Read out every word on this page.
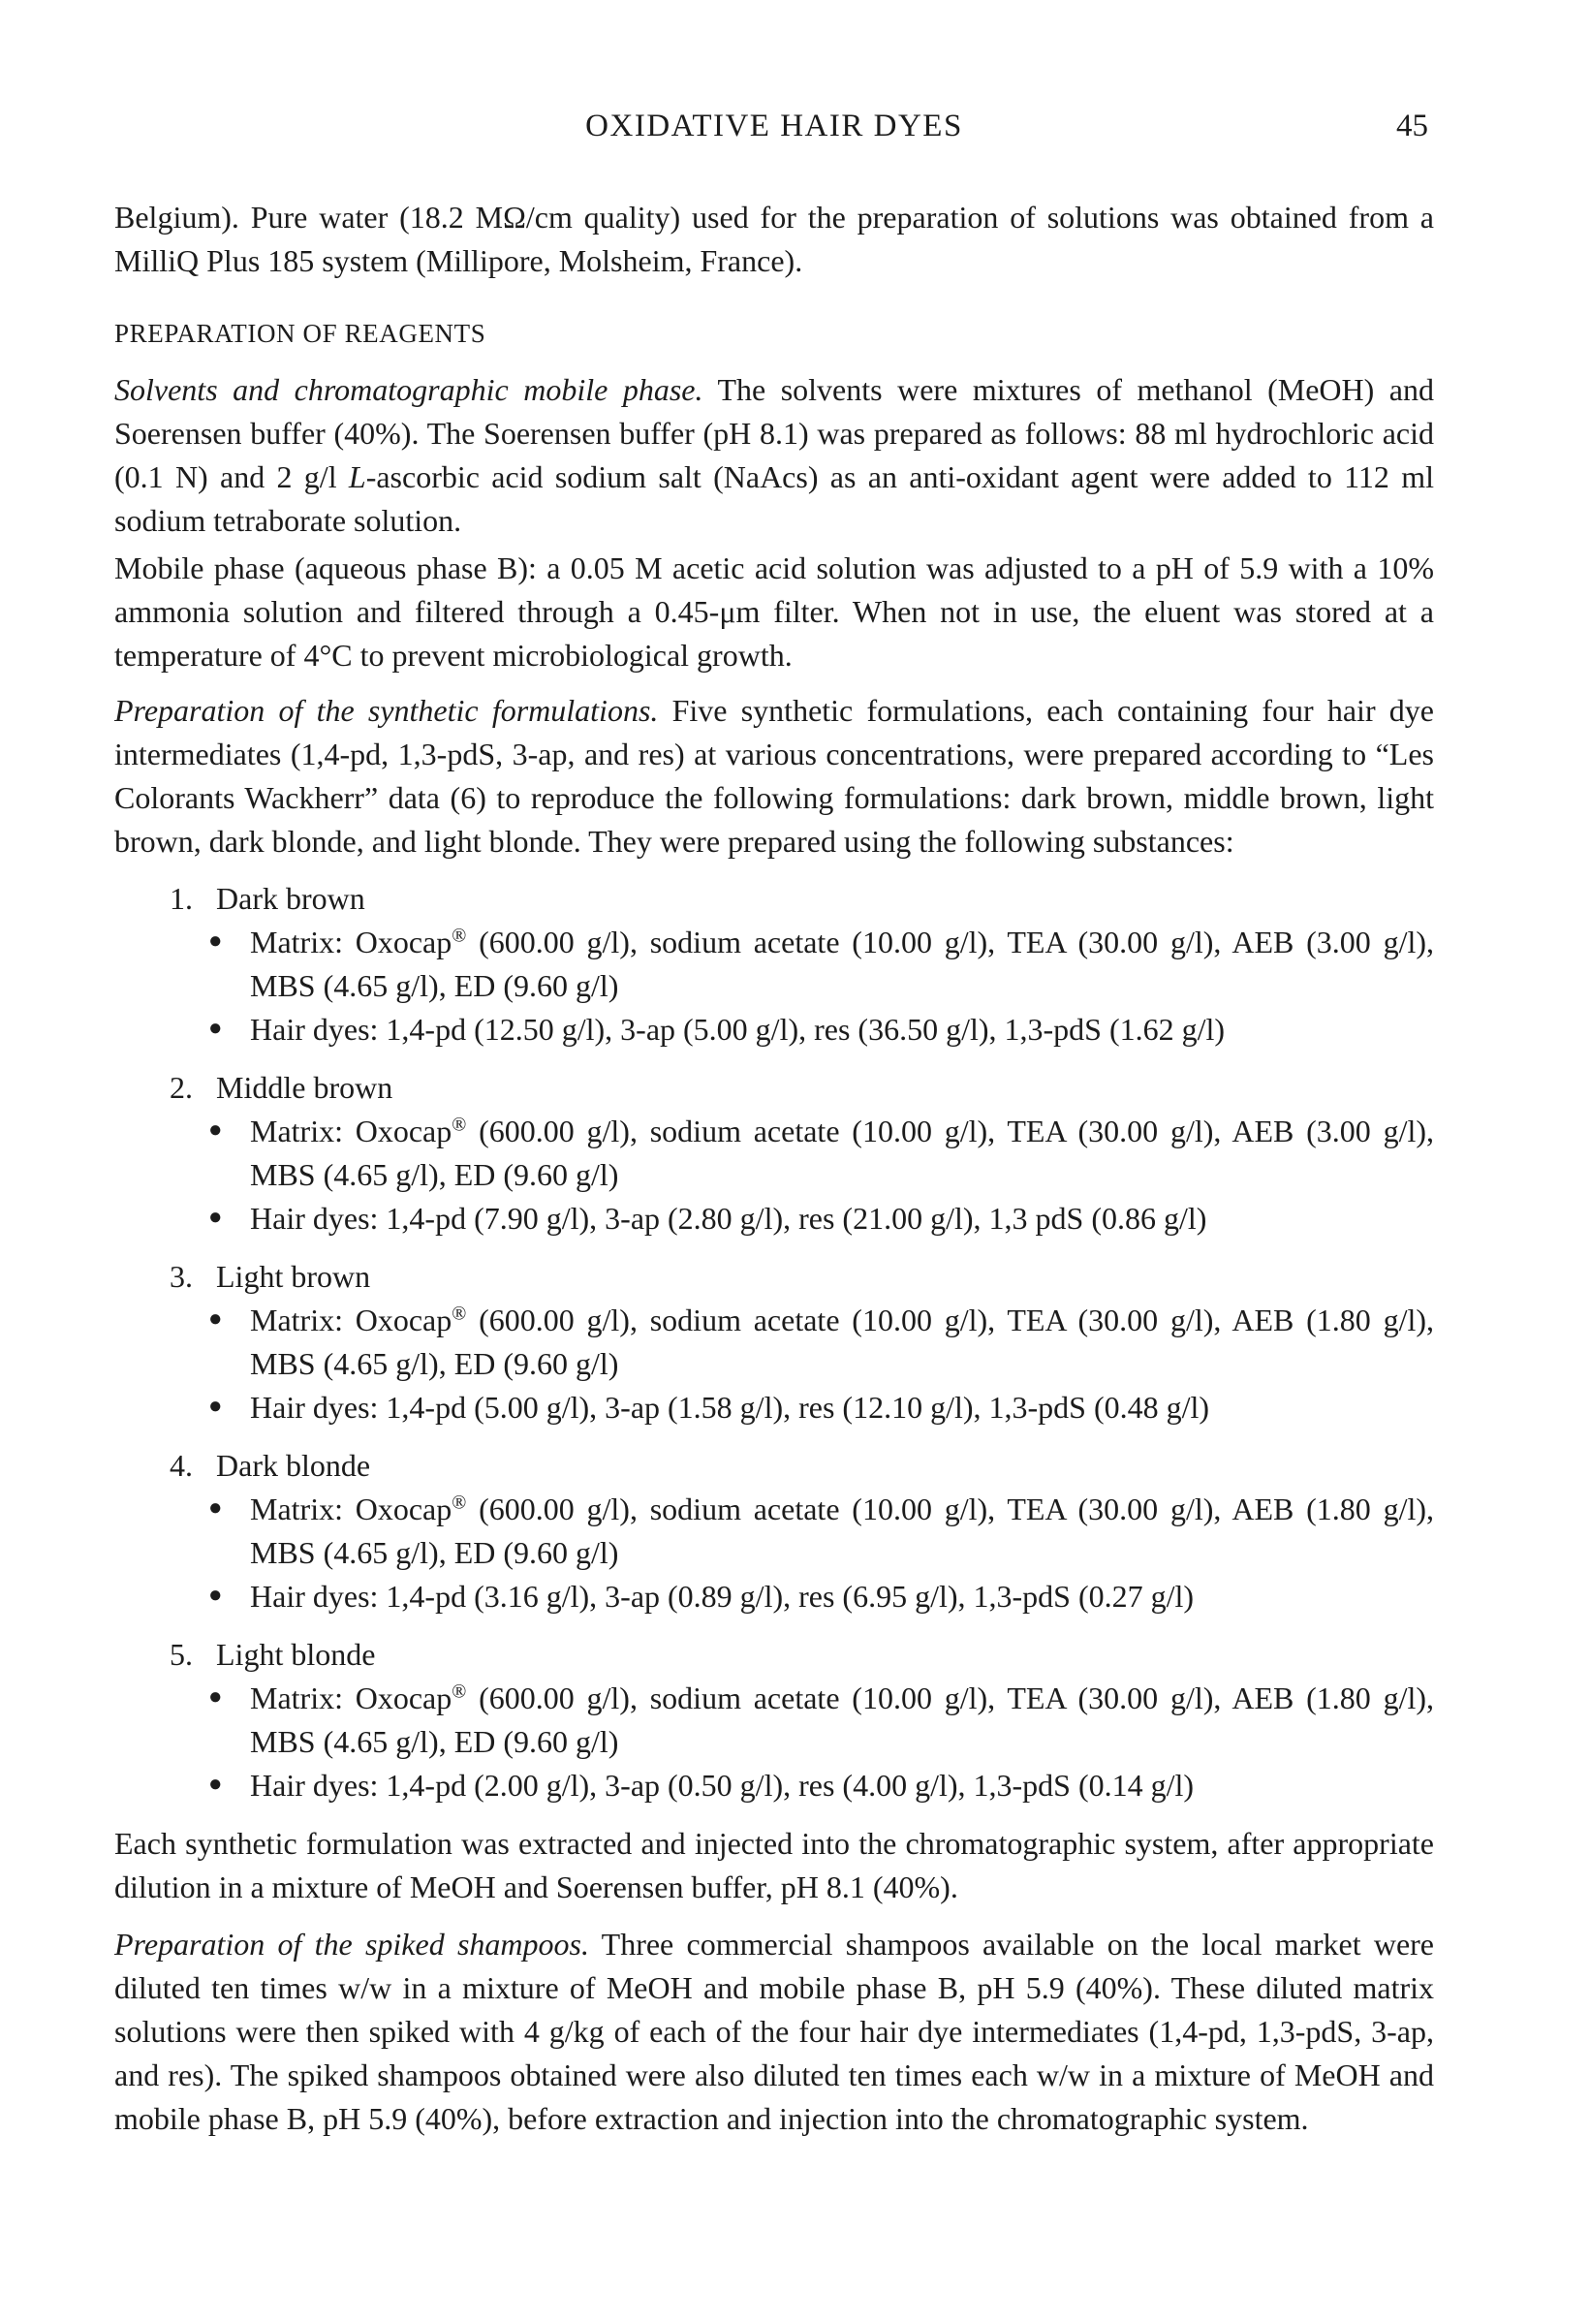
OXIDATIVE HAIR DYES	45

Belgium). Pure water (18.2 MΩ/cm quality) used for the preparation of solutions was obtained from a MilliQ Plus 185 system (Millipore, Molsheim, France).

PREPARATION OF REAGENTS

Solvents and chromatographic mobile phase. The solvents were mixtures of methanol (MeOH) and Soerensen buffer (40%). The Soerensen buffer (pH 8.1) was prepared as follows: 88 ml hydrochloric acid (0.1 N) and 2 g/l L-ascorbic acid sodium salt (NaAcs) as an anti-oxidant agent were added to 112 ml sodium tetraborate solution.

Mobile phase (aqueous phase B): a 0.05 M acetic acid solution was adjusted to a pH of 5.9 with a 10% ammonia solution and filtered through a 0.45-μm filter. When not in use, the eluent was stored at a temperature of 4°C to prevent microbiological growth.

Preparation of the synthetic formulations. Five synthetic formulations, each containing four hair dye intermediates (1,4-pd, 1,3-pdS, 3-ap, and res) at various concentrations, were prepared according to “Les Colorants Wackherr” data (6) to reproduce the following formulations: dark brown, middle brown, light brown, dark blonde, and light blonde. They were prepared using the following substances:

1. Dark brown
● Matrix: Oxocap® (600.00 g/l), sodium acetate (10.00 g/l), TEA (30.00 g/l), AEB (3.00 g/l), MBS (4.65 g/l), ED (9.60 g/l)
● Hair dyes: 1,4-pd (12.50 g/l), 3-ap (5.00 g/l), res (36.50 g/l), 1,3-pdS (1.62 g/l)
2. Middle brown
● Matrix: Oxocap® (600.00 g/l), sodium acetate (10.00 g/l), TEA (30.00 g/l), AEB (3.00 g/l), MBS (4.65 g/l), ED (9.60 g/l)
● Hair dyes: 1,4-pd (7.90 g/l), 3-ap (2.80 g/l), res (21.00 g/l), 1,3 pdS (0.86 g/l)
3. Light brown
● Matrix: Oxocap® (600.00 g/l), sodium acetate (10.00 g/l), TEA (30.00 g/l), AEB (1.80 g/l), MBS (4.65 g/l), ED (9.60 g/l)
● Hair dyes: 1,4-pd (5.00 g/l), 3-ap (1.58 g/l), res (12.10 g/l), 1,3-pdS (0.48 g/l)
4. Dark blonde
● Matrix: Oxocap® (600.00 g/l), sodium acetate (10.00 g/l), TEA (30.00 g/l), AEB (1.80 g/l), MBS (4.65 g/l), ED (9.60 g/l)
● Hair dyes: 1,4-pd (3.16 g/l), 3-ap (0.89 g/l), res (6.95 g/l), 1,3-pdS (0.27 g/l)
5. Light blonde
● Matrix: Oxocap® (600.00 g/l), sodium acetate (10.00 g/l), TEA (30.00 g/l), AEB (1.80 g/l), MBS (4.65 g/l), ED (9.60 g/l)
● Hair dyes: 1,4-pd (2.00 g/l), 3-ap (0.50 g/l), res (4.00 g/l), 1,3-pdS (0.14 g/l)

Each synthetic formulation was extracted and injected into the chromatographic system, after appropriate dilution in a mixture of MeOH and Soerensen buffer, pH 8.1 (40%).

Preparation of the spiked shampoos. Three commercial shampoos available on the local market were diluted ten times w/w in a mixture of MeOH and mobile phase B, pH 5.9 (40%). These diluted matrix solutions were then spiked with 4 g/kg of each of the four hair dye intermediates (1,4-pd, 1,3-pdS, 3-ap, and res). The spiked shampoos obtained were also diluted ten times each w/w in a mixture of MeOH and mobile phase B, pH 5.9 (40%), before extraction and injection into the chromatographic system.
